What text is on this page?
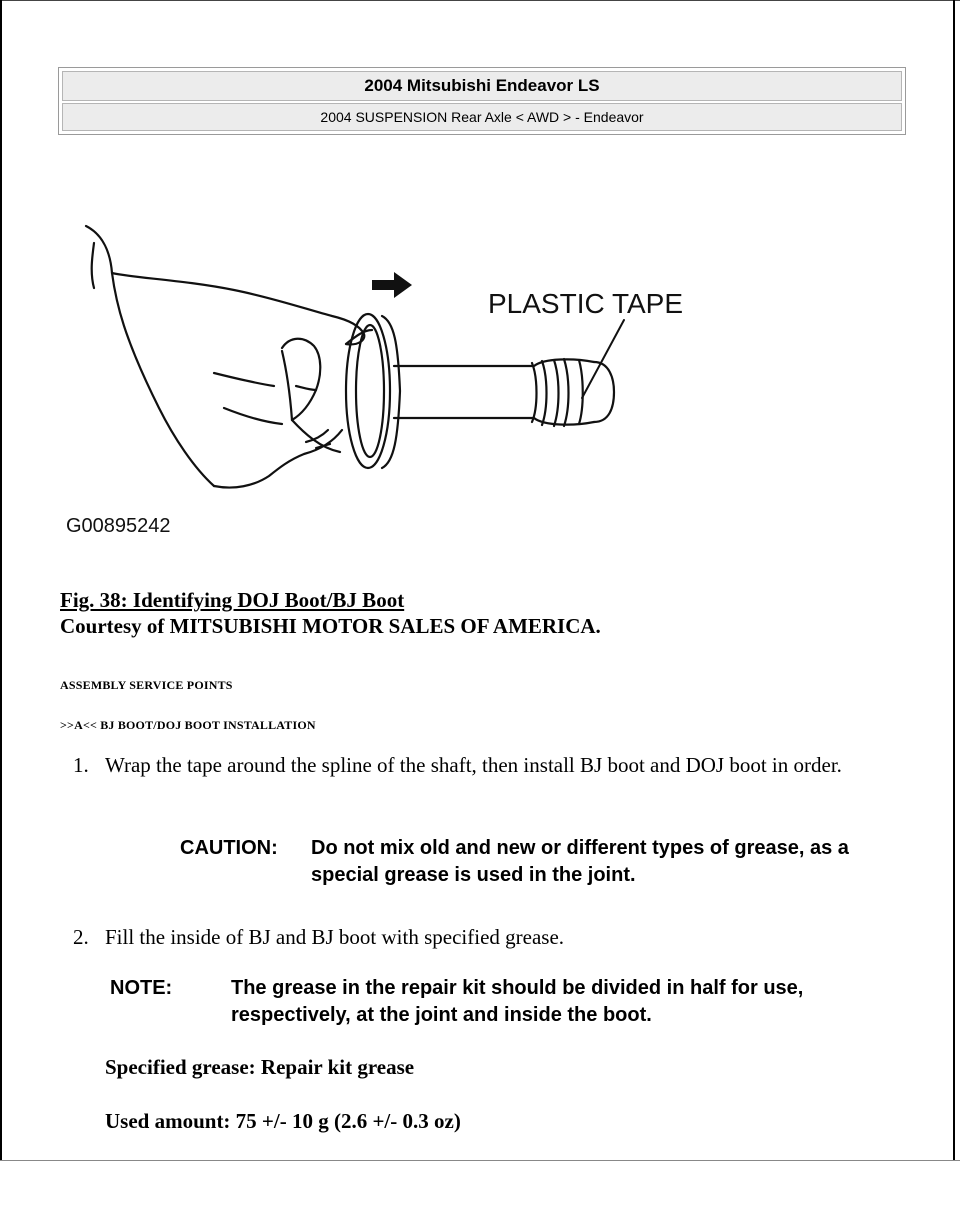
2004 Mitsubishi Endeavor LS
2004 SUSPENSION Rear Axle < AWD > - Endeavor
PLASTIC TAPE
G00895242
Fig. 38: Identifying DOJ Boot/BJ Boot
Courtesy of MITSUBISHI MOTOR SALES OF AMERICA.
ASSEMBLY SERVICE POINTS
>>A<< BJ BOOT/DOJ BOOT INSTALLATION
1. Wrap the tape around the spline of the shaft, then install BJ boot and DOJ boot in order.
CAUTION:	Do not mix old and new or different types of grease, as a special grease is used in the joint.
2. Fill the inside of BJ and BJ boot with specified grease.
NOTE:	The grease in the repair kit should be divided in half for use, respectively, at the joint and inside the boot.
Specified grease: Repair kit grease
Used amount: 75 +/- 10 g (2.6 +/- 0.3 oz)
